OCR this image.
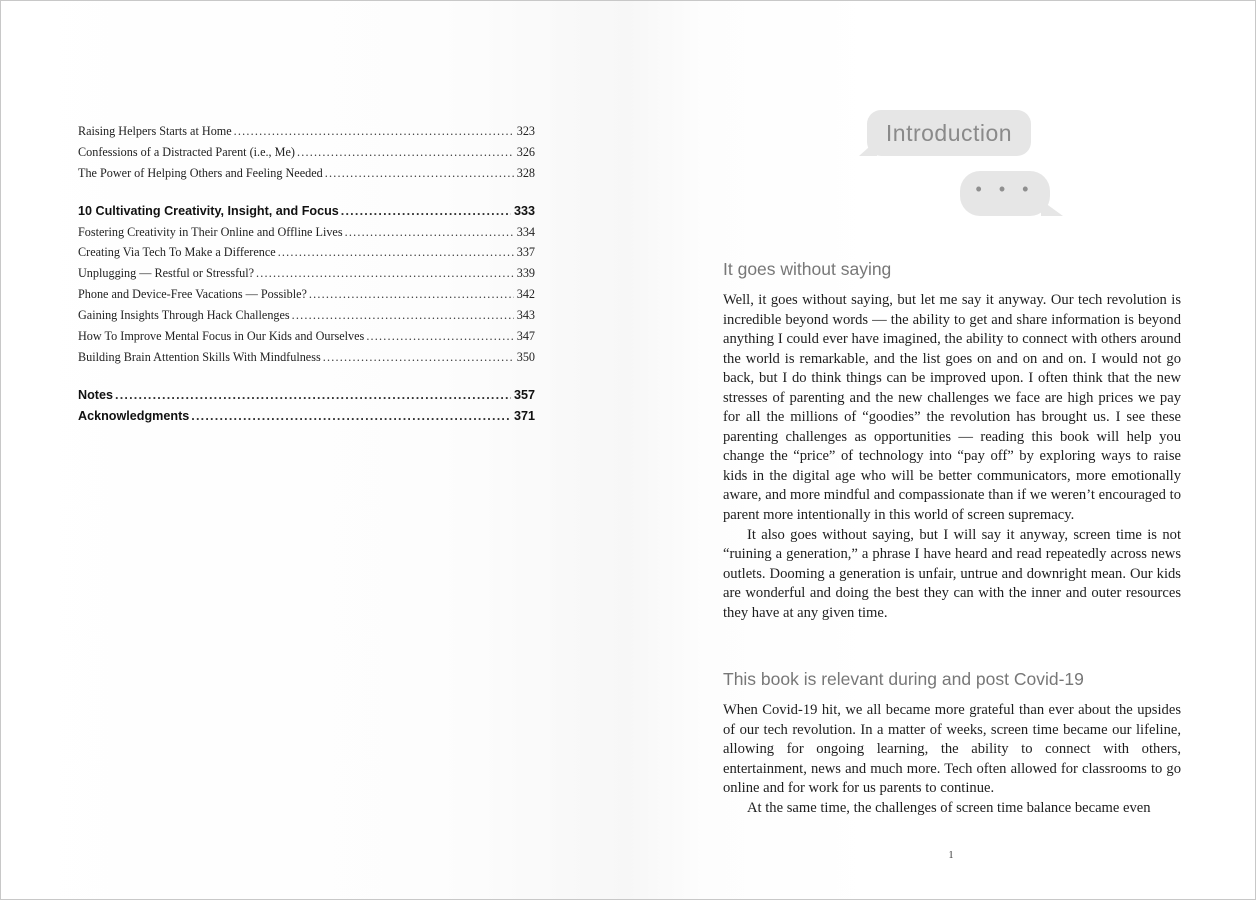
Raising Helpers Starts at Home .....	323
Confessions of a Distracted Parent (i.e., Me) .....	326
The Power of Helping Others and Feeling Needed .....	328
10 Cultivating Creativity, Insight, and Focus .....	333
Fostering Creativity in Their Online and Offline Lives .....	334
Creating Via Tech To Make a Difference .....	337
Unplugging — Restful or Stressful? .....	339
Phone and Device-Free Vacations — Possible? .....	342
Gaining Insights Through Hack Challenges .....	343
How To Improve Mental Focus in Our Kids and Ourselves .....	347
Building Brain Attention Skills With Mindfulness .....	350
Notes .....	357
Acknowledgments .....	371
Introduction
• • •
It goes without saying

Well, it goes without saying, but let me say it anyway. Our tech revolution is incredible beyond words — the ability to get and share information is beyond anything I could ever have imagined, the ability to connect with others around the world is remarkable, and the list goes on and on and on. I would not go back, but I do think things can be improved upon. I often think that the new stresses of parenting and the new challenges we face are high prices we pay for all the millions of “goodies” the revolution has brought us. I see these parenting challenges as opportunities — reading this book will help you change the “price” of technology into “pay off” by exploring ways to raise kids in the digital age who will be better communicators, more emotionally aware, and more mindful and compassionate than if we weren’t encouraged to parent more intentionally in this world of screen supremacy.

It also goes without saying, but I will say it anyway, screen time is not “ruining a generation,” a phrase I have heard and read repeatedly across news outlets. Dooming a generation is unfair, untrue and downright mean. Our kids are wonderful and doing the best they can with the inner and outer resources they have at any given time.

This book is relevant during and post Covid-19

When Covid-19 hit, we all became more grateful than ever about the upsides of our tech revolution. In a matter of weeks, screen time became our lifeline, allowing for ongoing learning, the ability to connect with others, entertainment, news and much more. Tech often allowed for classrooms to go online and for work for us parents to continue.

At the same time, the challenges of screen time balance became even

1
